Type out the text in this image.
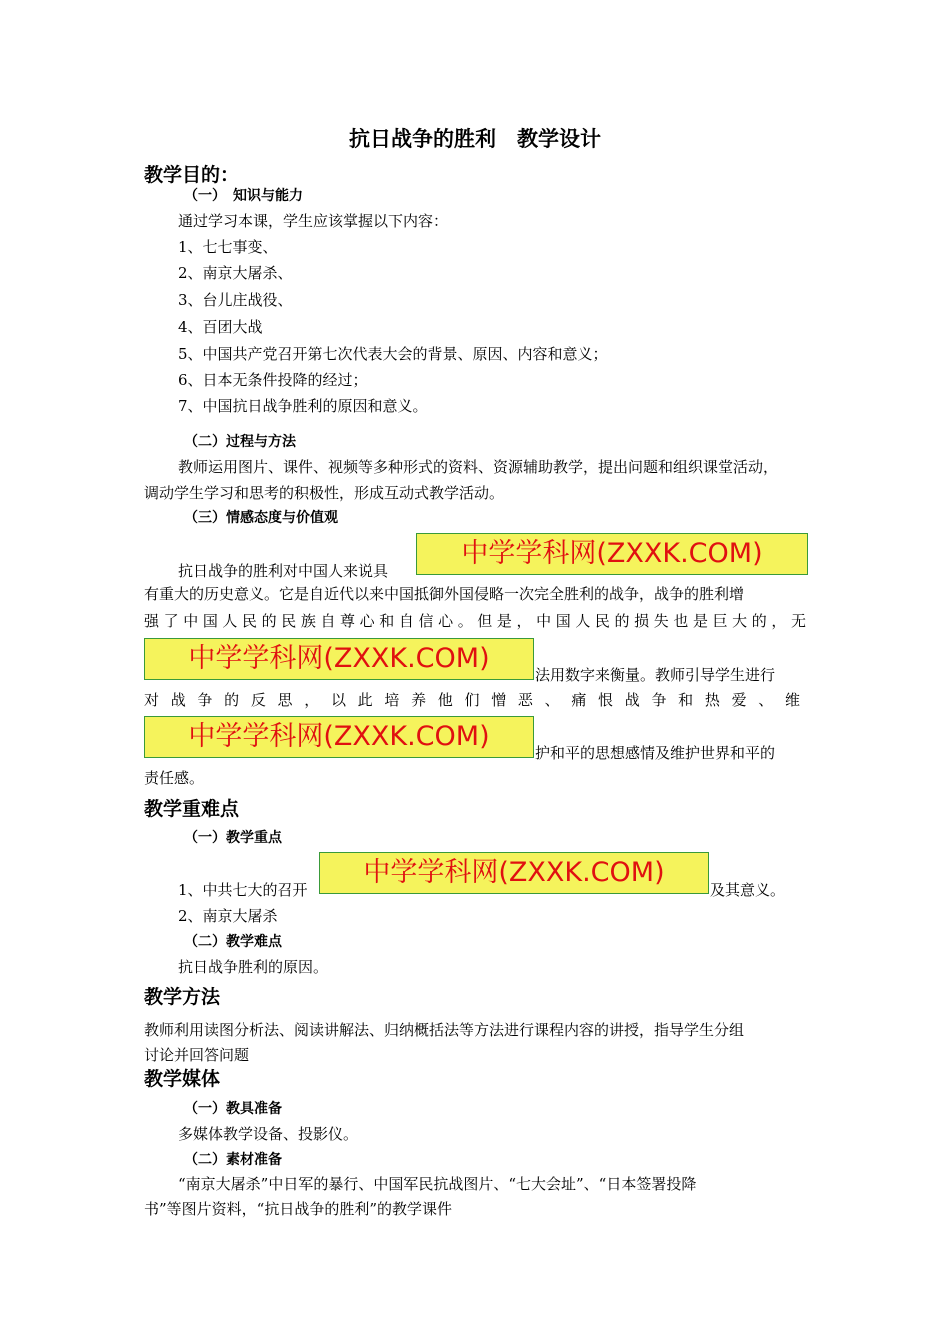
抗日战争的胜利　教学设计
教学目的：
（一）　知识与能力
通过学习本课，学生应该掌握以下内容：
1、七七事变、
2、南京大屠杀、
3、台儿庄战役、
4、百团大战
5、中国共产党召开第七次代表大会的背景、原因、内容和意义；
6、日本无条件投降的经过；
7、中国抗日战争胜利的原因和意义。
（二）过程与方法
教师运用图片、课件、视频等多种形式的资料、资源辅助教学，提出问题和组织课堂活动，
调动学生学习和思考的积极性，形成互动式教学活动。
（三）情感态度与价值观
抗日战争的胜利对中国人来说具
中学学科网(ZXXK.COM)
有重大的历史意义。它是自近代以来中国抵御外国侵略一次完全胜利的战争，战争的胜利增
强了中国人民的民族自尊心和自信心。但是，中国人民的损失也是巨大的，无
中学学科网(ZXXK.COM)
法用数字来衡量。教师引导学生进行
对战争的反思，以此培养他们憎恶、痛恨战争和热爱、维
中学学科网(ZXXK.COM)
护和平的思想感情及维护世界和平的
责任感。
教学重难点
（一）教学重点
1、中共七大的召开
中学学科网(ZXXK.COM)
及其意义。
2、南京大屠杀
（二）教学难点
抗日战争胜利的原因。
教学方法
教师利用读图分析法、阅读讲解法、归纳概括法等方法进行课程内容的讲授，指导学生分组
讨论并回答问题
教学媒体
（一）教具准备
多媒体教学设备、投影仪。
（二）素材准备
“南京大屠杀”中日军的暴行、中国军民抗战图片、“七大会址”、“日本签署投降
书”等图片资料，“抗日战争的胜利”的教学课件
